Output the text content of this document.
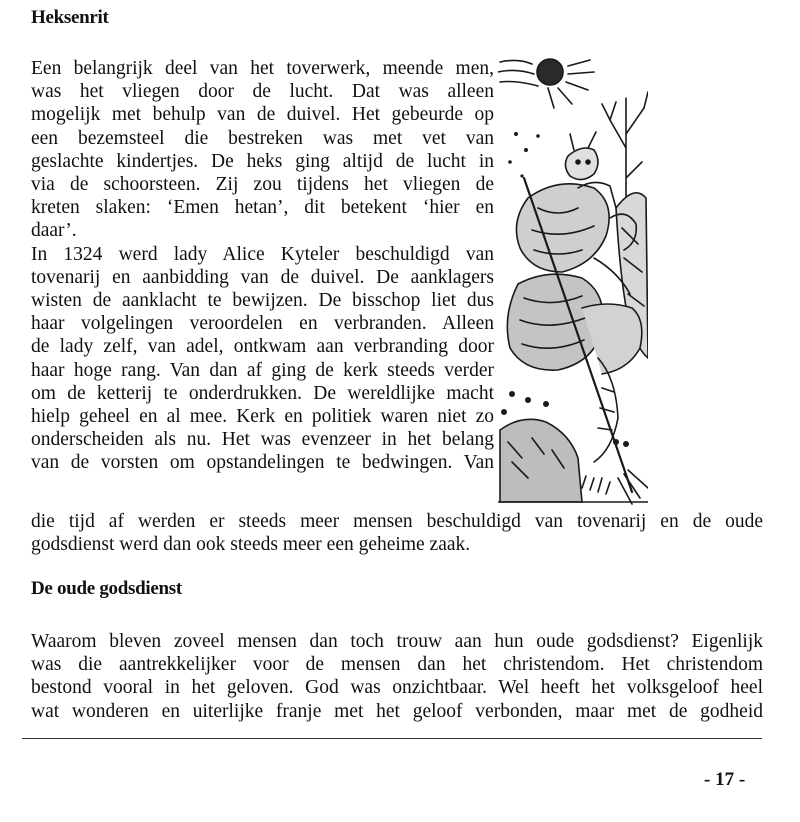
Heksenrit
Een belangrijk deel van het toverwerk, meende men,
was het vliegen door de lucht. Dat was alleen
mogelijk met behulp van de duivel. Het gebeurde op
een bezemsteel die bestreken was met vet van
geslachte kindertjes. De heks ging altijd de lucht in
via de schoorsteen. Zij zou tijdens het vliegen de
kreten slaken: ‘Emen hetan’, dit betekent ‘hier en
daar’.
In 1324 werd lady Alice Kyteler beschuldigd van
tovenarij en aanbidding van de duivel. De aanklagers
wisten de aanklacht te bewijzen. De bisschop liet dus
haar volgelingen veroordelen en verbranden. Alleen
de lady zelf, van adel, ontkwam aan verbranding door
haar hoge rang. Van dan af ging de kerk steeds verder
om de ketterij te onderdrukken. De wereldlijke macht
hielp geheel en al mee. Kerk en politiek waren niet zo
onderscheiden als nu. Het was evenzeer in het belang
van de vorsten om opstandelingen te bedwingen. Van
die tijd af werden er steeds meer mensen beschuldigd van tovenarij en de oude
godsdienst werd dan ook steeds meer een geheime zaak.
De oude godsdienst
Waarom bleven zoveel mensen dan toch trouw aan hun oude godsdienst? Eigenlijk
was die aantrekkelijker voor de mensen dan het christendom. Het christendom
bestond vooral in het geloven. God was onzichtbaar. Wel heeft het volksgeloof heel
wat wonderen en uiterlijke franje met het geloof verbonden, maar met de godheid
- 17 -
